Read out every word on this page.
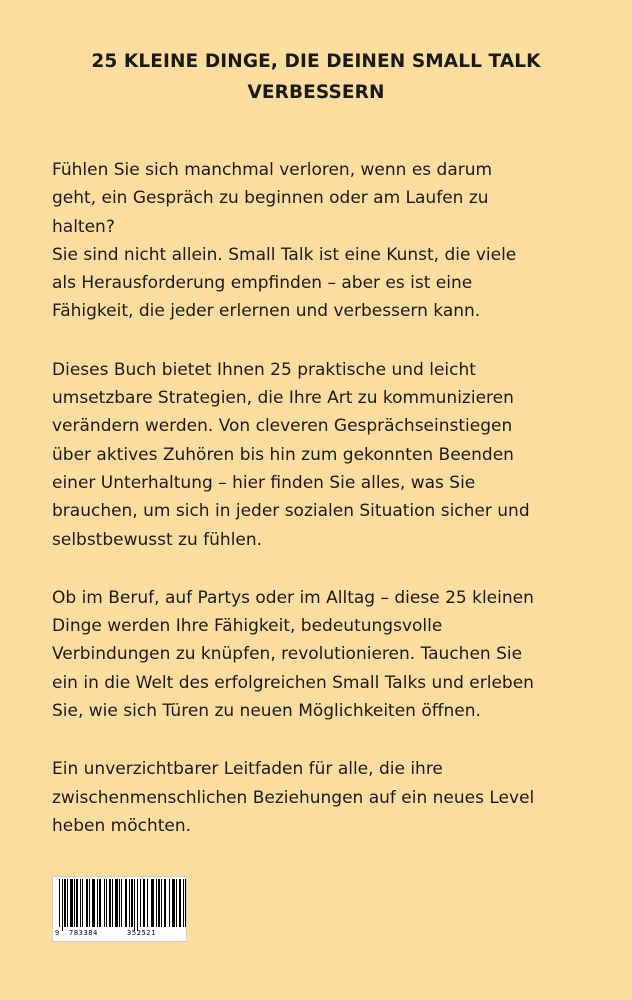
25 KLEINE DINGE, DIE DEINEN SMALL TALK
VERBESSERN

Fühlen Sie sich manchmal verloren, wenn es darum
geht, ein Gespräch zu beginnen oder am Laufen zu
halten?
Sie sind nicht allein. Small Talk ist eine Kunst, die viele
als Herausforderung empfinden – aber es ist eine
Fähigkeit, die jeder erlernen und verbessern kann.

Dieses Buch bietet Ihnen 25 praktische und leicht
umsetzbare Strategien, die Ihre Art zu kommunizieren
verändern werden. Von cleveren Gesprächseinstiegen
über aktives Zuhören bis hin zum gekonnten Beenden
einer Unterhaltung – hier finden Sie alles, was Sie
brauchen, um sich in jeder sozialen Situation sicher und
selbstbewusst zu fühlen.

Ob im Beruf, auf Partys oder im Alltag – diese 25 kleinen
Dinge werden Ihre Fähigkeit, bedeutungsvolle
Verbindungen zu knüpfen, revolutionieren. Tauchen Sie
ein in die Welt des erfolgreichen Small Talks und erleben
Sie, wie sich Türen zu neuen Möglichkeiten öffnen.

Ein unverzichtbarer Leitfaden für alle, die ihre
zwischenmenschlichen Beziehungen auf ein neues Level
heben möchten.

9 783384	352521
